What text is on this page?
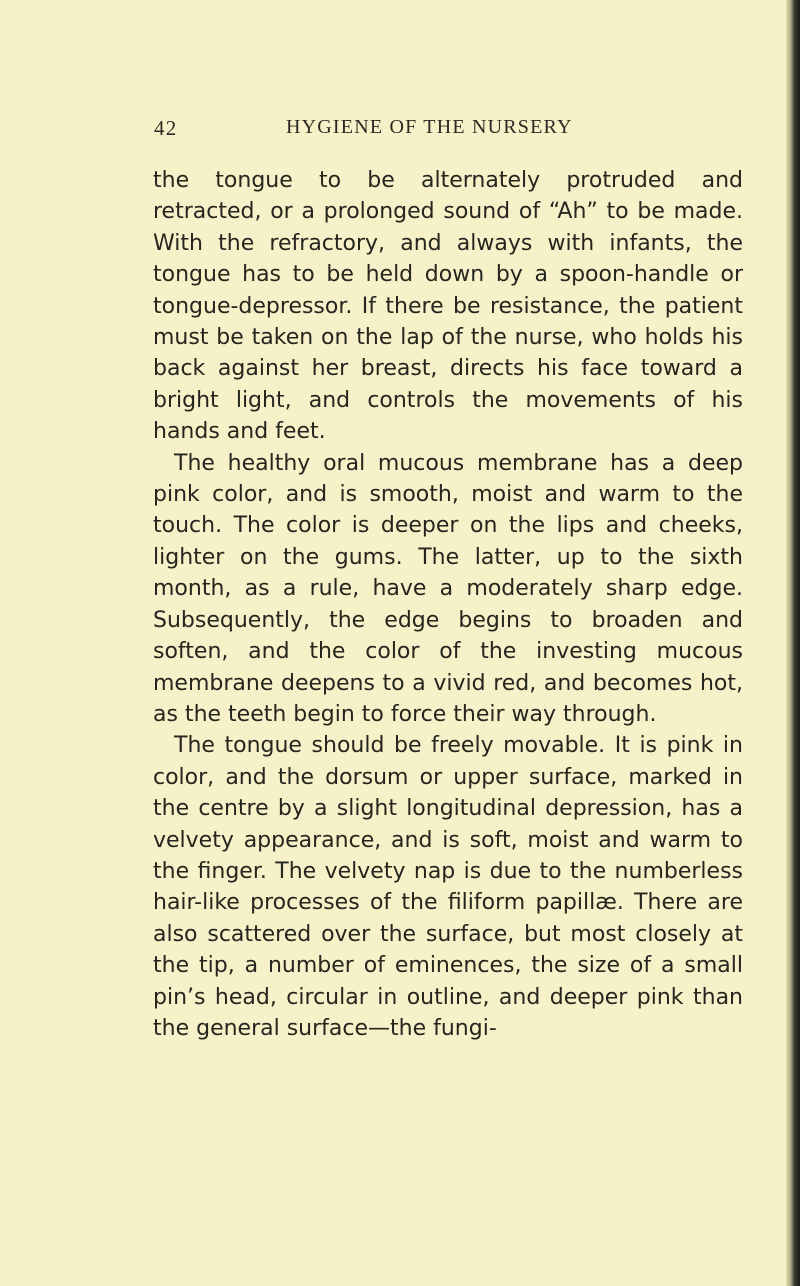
42	HYGIENE OF THE NURSERY

the tongue to be alternately protruded and retracted, or a prolonged sound of “Ah” to be made. With the refractory, and always with infants, the tongue has to be held down by a spoon-handle or tongue-depressor. If there be resistance, the patient must be taken on the lap of the nurse, who holds his back against her breast, directs his face toward a bright light, and controls the movements of his hands and feet.

The healthy oral mucous membrane has a deep pink color, and is smooth, moist and warm to the touch. The color is deeper on the lips and cheeks, lighter on the gums. The latter, up to the sixth month, as a rule, have a moderately sharp edge. Subsequently, the edge begins to broaden and soften, and the color of the investing mucous membrane deepens to a vivid red, and becomes hot, as the teeth begin to force their way through.

The tongue should be freely movable. It is pink in color, and the dorsum or upper surface, marked in the centre by a slight longitudinal depression, has a velvety appearance, and is soft, moist and warm to the finger. The velvety nap is due to the numberless hair-like processes of the filiform papillæ. There are also scattered over the surface, but most closely at the tip, a number of eminences, the size of a small pin’s head, circular in outline, and deeper pink than the general surface—the fungi-
